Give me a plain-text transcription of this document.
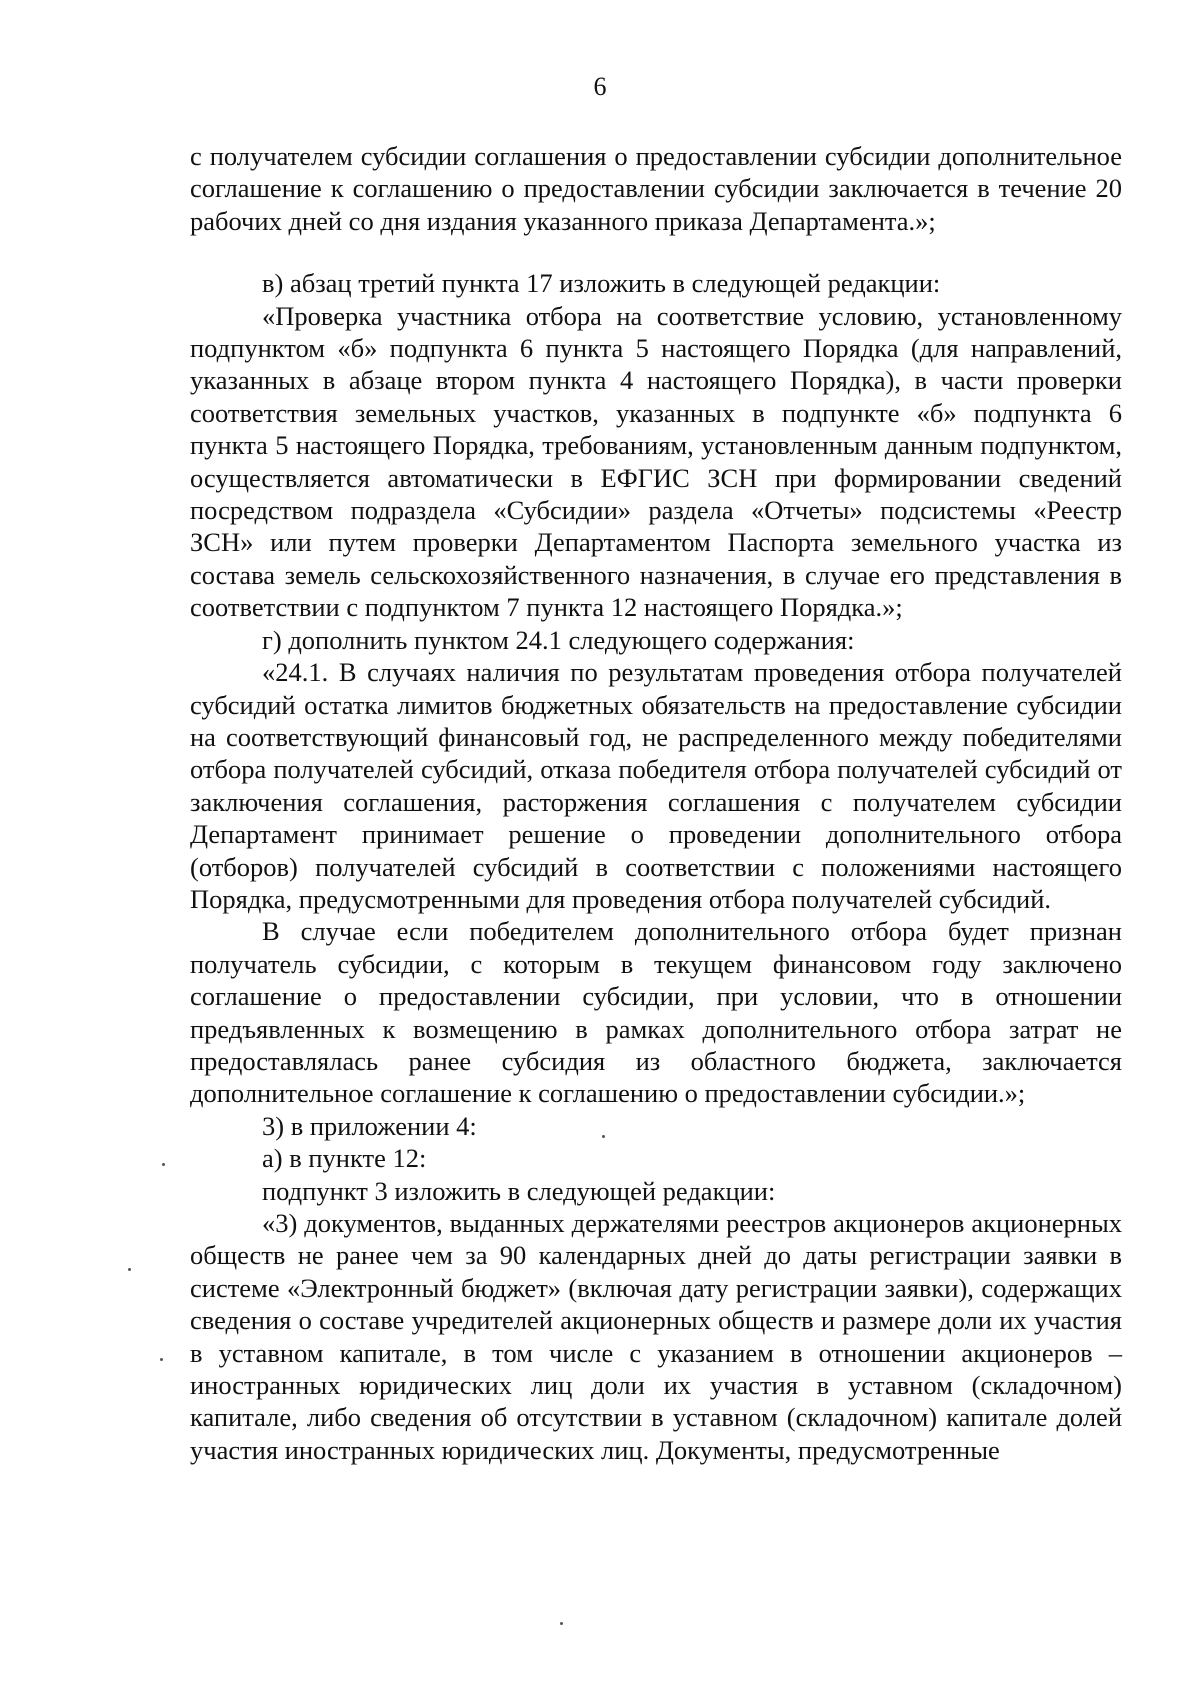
6

с получателем субсидии соглашения о предоставлении субсидии дополнительное соглашение к соглашению о предоставлении субсидии заключается в течение 20 рабочих дней со дня издания указанного приказа Департамента.»;

в) абзац третий пункта 17 изложить в следующей редакции:

«Проверка участника отбора на соответствие условию, установленному подпунктом «б» подпункта 6 пункта 5 настоящего Порядка (для направлений, указанных в абзаце втором пункта 4 настоящего Порядка), в части проверки соответствия земельных участков, указанных в подпункте «б» подпункта 6 пункта 5 настоящего Порядка, требованиям, установленным данным подпунктом, осуществляется автоматически в ЕФГИС ЗСН при формировании сведений посредством подраздела «Субсидии» раздела «Отчеты» подсистемы «Реестр ЗСН» или путем проверки Департаментом Паспорта земельного участка из состава земель сельскохозяйственного назначения, в случае его представления в соответствии с подпунктом 7 пункта 12 настоящего Порядка.»;

г) дополнить пунктом 24.1 следующего содержания:

«24.1. В случаях наличия по результатам проведения отбора получателей субсидий остатка лимитов бюджетных обязательств на предоставление субсидии на соответствующий финансовый год, не распределенного между победителями отбора получателей субсидий, отказа победителя отбора получателей субсидий от заключения соглашения, расторжения соглашения с получателем субсидии Департамент принимает решение о проведении дополнительного отбора (отборов) получателей субсидий в соответствии с положениями настоящего Порядка, предусмотренными для проведения отбора получателей субсидий.

В случае если победителем дополнительного отбора будет признан получатель субсидии, с которым в текущем финансовом году заключено соглашение о предоставлении субсидии, при условии, что в отношении предъявленных к возмещению в рамках дополнительного отбора затрат не предоставлялась ранее субсидия из областного бюджета, заключается дополнительное соглашение к соглашению о предоставлении субсидии.»;

3) в приложении 4:

а) в пункте 12:

подпункт 3 изложить в следующей редакции:

«3) документов, выданных держателями реестров акционеров акционерных обществ не ранее чем за 90 календарных дней до даты регистрации заявки в системе «Электронный бюджет» (включая дату регистрации заявки), содержащих сведения о составе учредителей акционерных обществ и размере доли их участия в уставном капитале, в том числе с указанием в отношении акционеров – иностранных юридических лиц доли их участия в уставном (складочном) капитале, либо сведения об отсутствии в уставном (складочном) капитале долей участия иностранных юридических лиц. Документы, предусмотренные
